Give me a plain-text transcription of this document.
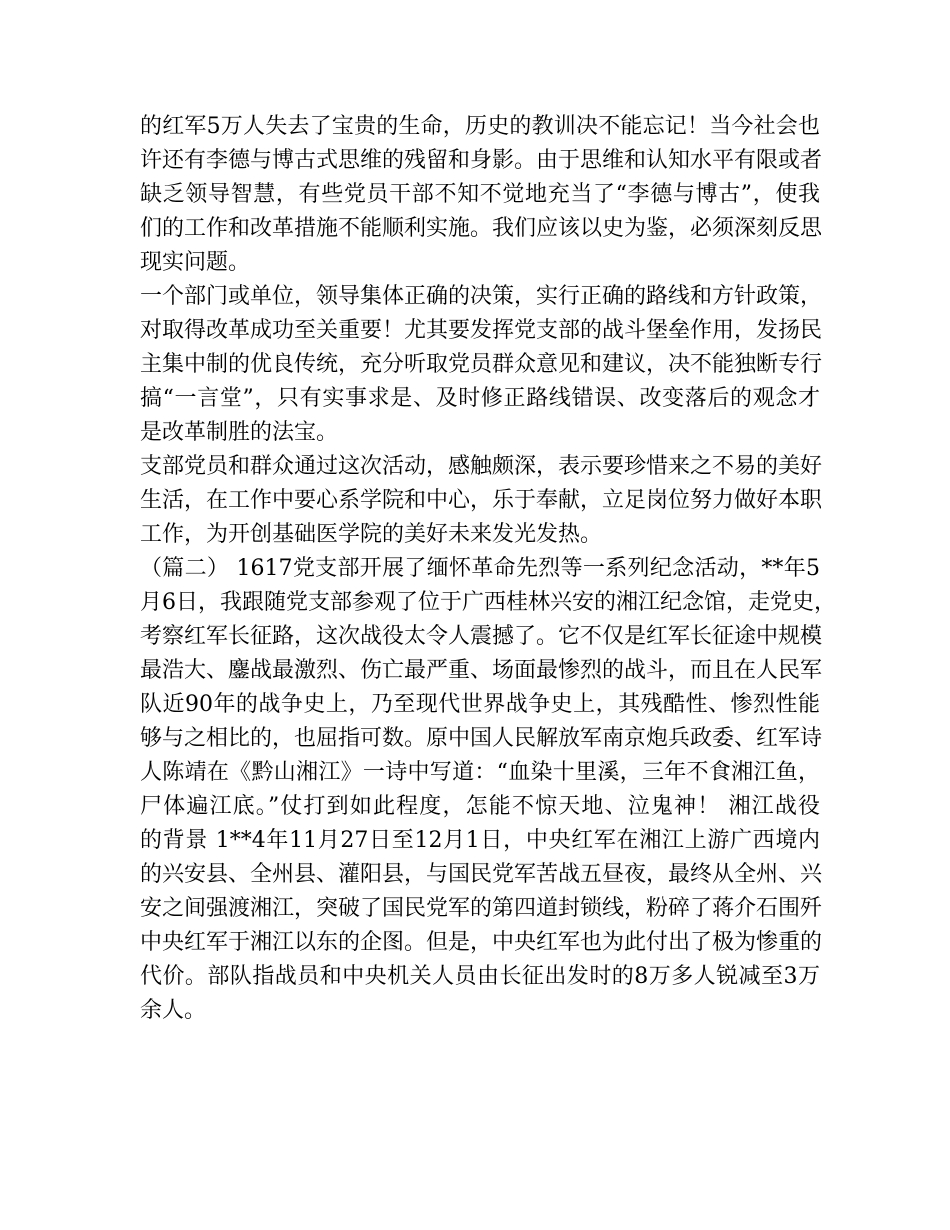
的红军5万人失去了宝贵的生命，历史的教训决不能忘记！当今社会也
许还有李德与博古式思维的残留和身影。由于思维和认知水平有限或者
缺乏领导智慧，有些党员干部不知不觉地充当了“李德与博古”，使我
们的工作和改革措施不能顺利实施。我们应该以史为鉴，必须深刻反思
现实问题。
一个部门或单位，领导集体正确的决策，实行正确的路线和方针政策，
对取得改革成功至关重要！尤其要发挥党支部的战斗堡垒作用，发扬民
主集中制的优良传统，充分听取党员群众意见和建议，决不能独断专行
搞“一言堂”，只有实事求是、及时修正路线错误、改变落后的观念才
是改革制胜的法宝。
支部党员和群众通过这次活动，感触颇深，表示要珍惜来之不易的美好
生活，在工作中要心系学院和中心，乐于奉献，立足岗位努力做好本职
工作，为开创基础医学院的美好未来发光发热。
（篇二） 1617党支部开展了缅怀革命先烈等一系列纪念活动，**年5
月6日，我跟随党支部参观了位于广西桂林兴安的湘江纪念馆，走党史，
考察红军长征路，这次战役太令人震撼了。它不仅是红军长征途中规模
最浩大、鏖战最激烈、伤亡最严重、场面最惨烈的战斗，而且在人民军
队近90年的战争史上，乃至现代世界战争史上，其残酷性、惨烈性能
够与之相比的，也屈指可数。原中国人民解放军南京炮兵政委、红军诗
人陈靖在《黔山湘江》一诗中写道：“血染十里溪，三年不食湘江鱼，
尸体遍江底。”仗打到如此程度，怎能不惊天地、泣鬼神！ 湘江战役
的背景 1**4年11月27日至12月1日，中央红军在湘江上游广西境内
的兴安县、全州县、灌阳县，与国民党军苦战五昼夜，最终从全州、兴
安之间强渡湘江，突破了国民党军的第四道封锁线，粉碎了蒋介石围歼
中央红军于湘江以东的企图。但是，中央红军也为此付出了极为惨重的
代价。部队指战员和中央机关人员由长征出发时的8万多人锐减至3万
余人。
